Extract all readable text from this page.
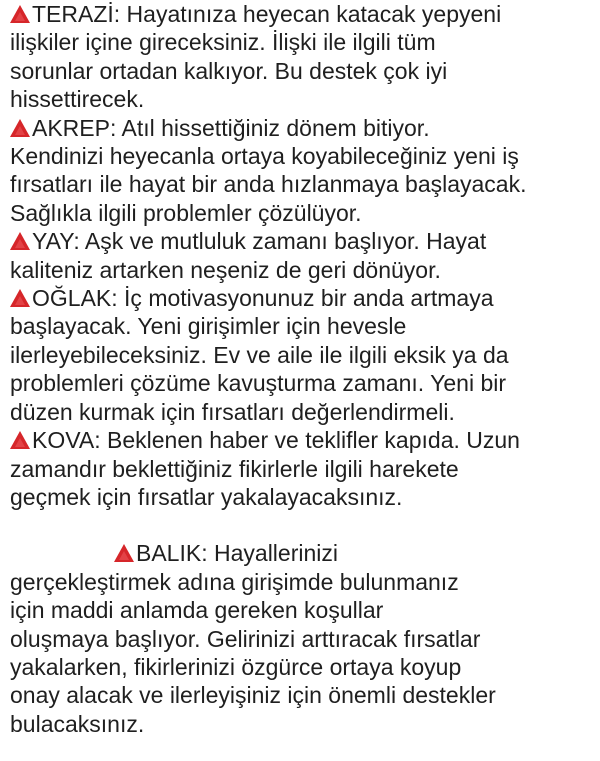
TERAZİ: Hayatınıza heyecan katacak yepyeni
ilişkiler içine gireceksiniz. İlişki ile ilgili tüm
sorunlar ortadan kalkıyor. Bu destek çok iyi
hissettirecek.

AKREP: Atıl hissettiğiniz dönem bitiyor.
Kendinizi heyecanla ortaya koyabileceğiniz yeni iş
fırsatları ile hayat bir anda hızlanmaya başlayacak.
Sağlıkla ilgili problemler çözülüyor.

YAY: Aşk ve mutluluk zamanı başlıyor. Hayat
kaliteniz artarken neşeniz de geri dönüyor.

OĞLAK: İç motivasyonunuz bir anda artmaya
başlayacak. Yeni girişimler için hevesle
ilerleyebileceksiniz. Ev ve aile ile ilgili eksik ya da
problemleri çözüme kavuşturma zamanı. Yeni bir
düzen kurmak için fırsatları değerlendirmeli.

KOVA: Beklenen haber ve teklifler kapıda. Uzun
zamandır beklettiğiniz fikirlerle ilgili harekete
geçmek için fırsatlar yakalayacaksınız.

BALIK: Hayallerinizi
gerçekleştirmek adına girişimde bulunmanız
için maddi anlamda gereken koşullar
oluşmaya başlıyor. Gelirinizi arttıracak fırsatlar
yakalarken, fikirlerinizi özgürce ortaya koyup
onay alacak ve ilerleyişiniz için önemli destekler
bulacaksınız.
